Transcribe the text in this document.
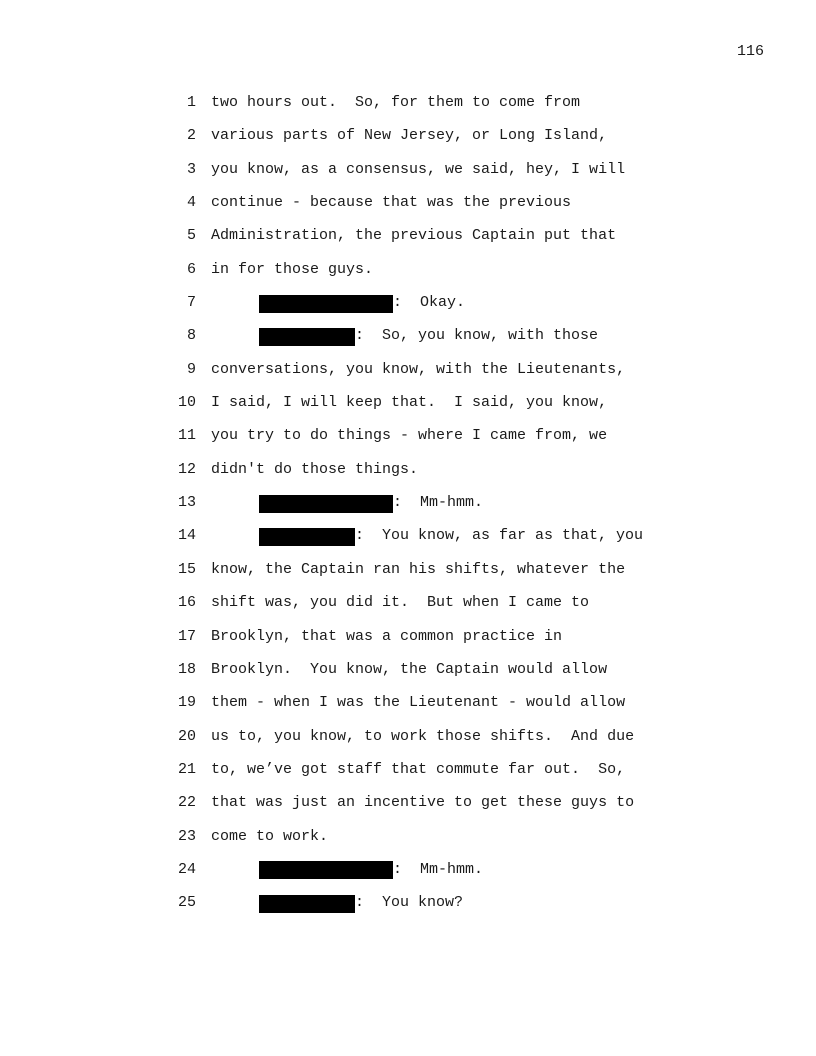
116
1 two hours out.  So, for them to come from
2 various parts of New Jersey, or Long Island,
3 you know, as a consensus, we said, hey, I will
4 continue - because that was the previous
5 Administration, the previous Captain put that
6 in for those guys.
7	:  Okay.
8	:  So, you know, with those
9 conversations, you know, with the Lieutenants,
10 I said, I will keep that.  I said, you know,
11 you try to do things - where I came from, we
12 didn't do those things.
13	:  Mm-hmm.
14	:  You know, as far as that, you
15 know, the Captain ran his shifts, whatever the
16 shift was, you did it.  But when I came to
17 Brooklyn, that was a common practice in
18 Brooklyn.  You know, the Captain would allow
19 them - when I was the Lieutenant - would allow
20 us to, you know, to work those shifts.  And due
21 to, we’ve got staff that commute far out.  So,
22 that was just an incentive to get these guys to
23 come to work.
24	:  Mm-hmm.
25	:  You know?
